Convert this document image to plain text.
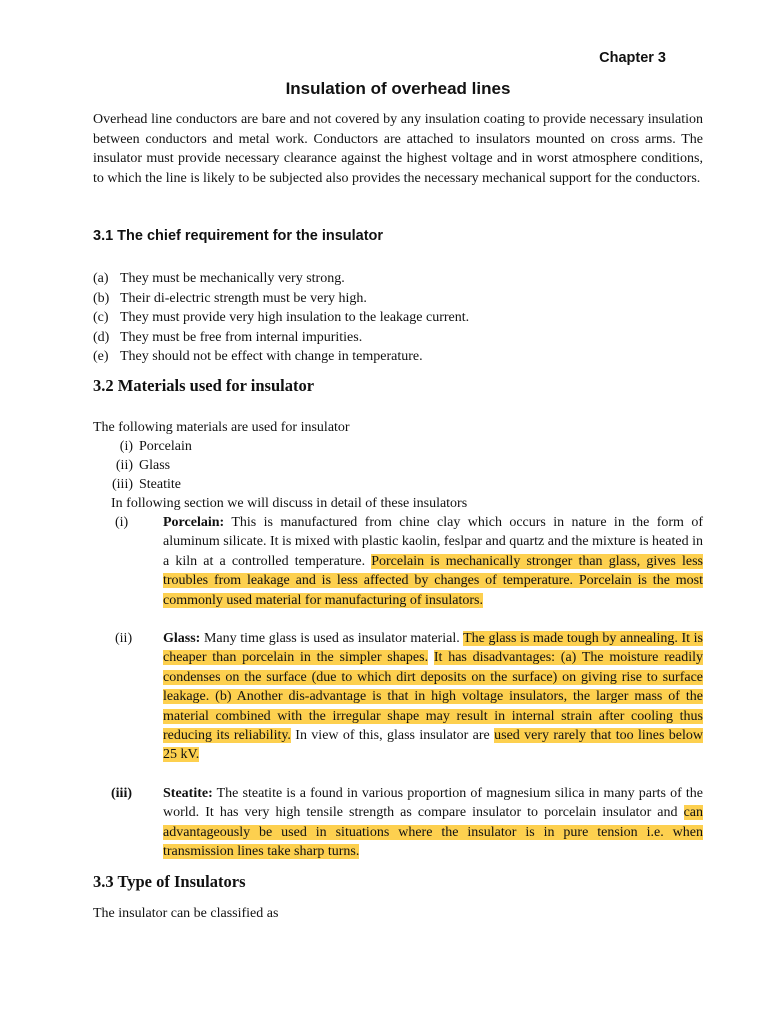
Chapter 3
Insulation of overhead lines
Overhead line conductors are bare and not covered by any insulation coating to provide necessary insulation between conductors and metal work. Conductors are attached to insulators mounted on cross arms. The insulator must provide necessary clearance against the highest voltage and in worst atmosphere conditions, to which the line is likely to be subjected also provides the necessary mechanical support for the conductors.
3.1 The chief requirement for the insulator
(a) They must be mechanically very strong.
(b) Their di-electric strength must be very high.
(c) They must provide very high insulation to the leakage current.
(d) They must be free from internal impurities.
(e) They should not be effect with change in temperature.
3.2 Materials used for insulator
The following materials are used for insulator
(i) Porcelain
(ii) Glass
(iii) Steatite
In following section we will discuss in detail of these insulators
(i) Porcelain: This is manufactured from chine clay which occurs in nature in the form of aluminum silicate. It is mixed with plastic kaolin, feslpar and quartz and the mixture is heated in a kiln at a controlled temperature. Porcelain is mechanically stronger than glass, gives less troubles from leakage and is less affected by changes of temperature. Porcelain is the most commonly used material for manufacturing of insulators.
(ii) Glass: Many time glass is used as insulator material. The glass is made tough by annealing. It is cheaper than porcelain in the simpler shapes. It has disadvantages: (a) The moisture readily condenses on the surface (due to which dirt deposits on the surface) on giving rise to surface leakage. (b) Another dis-advantage is that in high voltage insulators, the larger mass of the material combined with the irregular shape may result in internal strain after cooling thus reducing its reliability. In view of this, glass insulator are used very rarely that too lines below 25 kV.
(iii) Steatite: The steatite is a found in various proportion of magnesium silica in many parts of the world. It has very high tensile strength as compare insulator to porcelain insulator and can advantageously be used in situations where the insulator is in pure tension i.e. when transmission lines take sharp turns.
3.3 Type of Insulators
The insulator can be classified as
